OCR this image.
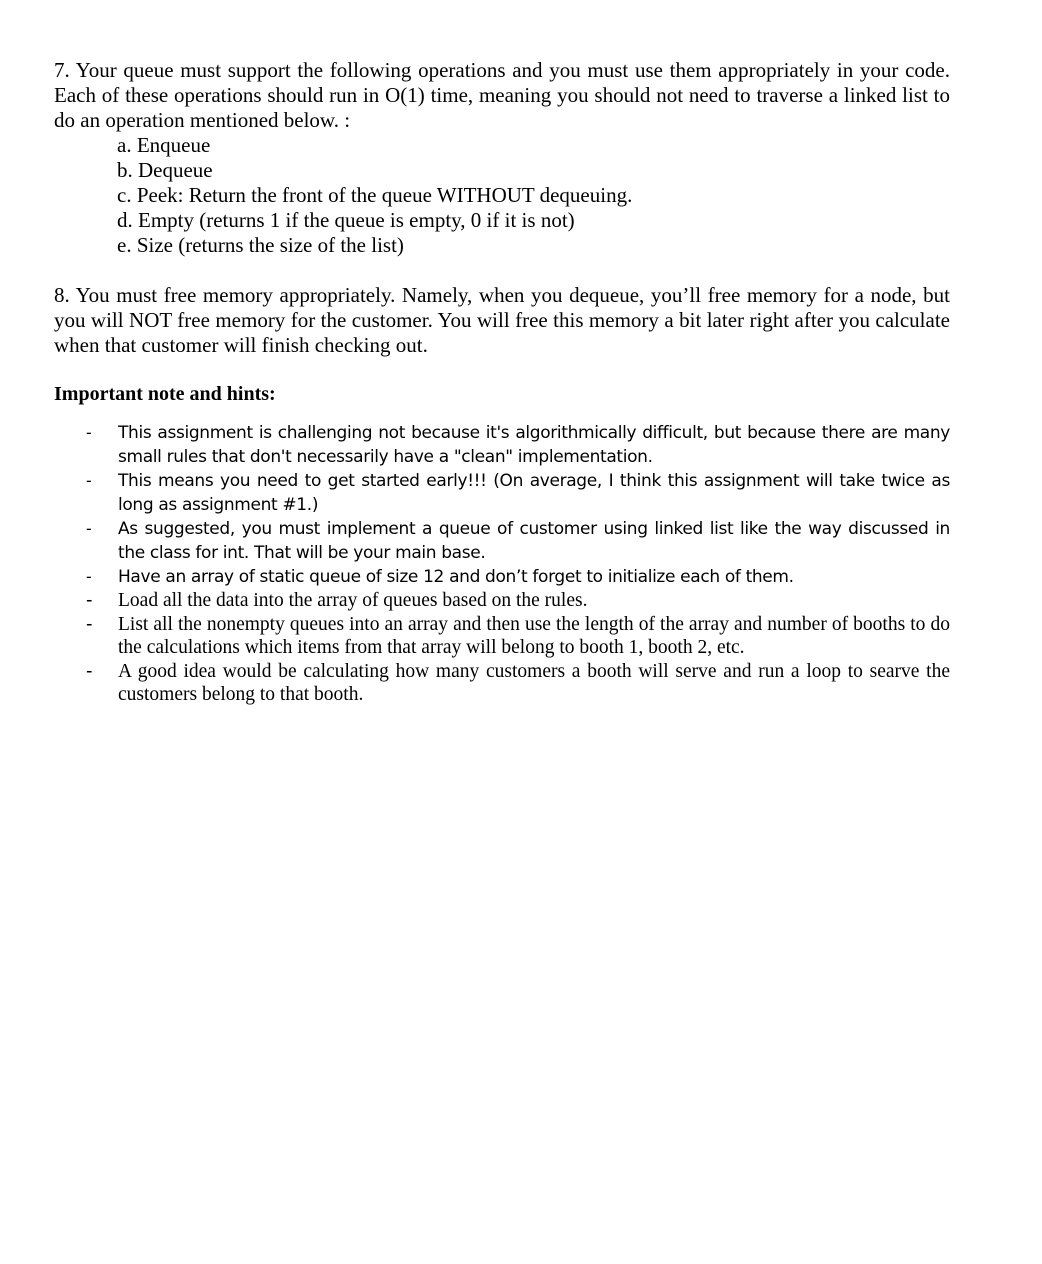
7. Your queue must support the following operations and you must use them appropriately in your code. Each of these operations should run in O(1) time, meaning you should not need to traverse a linked list to do an operation mentioned below. :

a. Enqueue
b. Dequeue
c. Peek: Return the front of the queue WITHOUT dequeuing.
d. Empty (returns 1 if the queue is empty, 0 if it is not)
e. Size (returns the size of the list)

8. You must free memory appropriately. Namely, when you dequeue, you’ll free memory for a node, but you will NOT free memory for the customer. You will free this memory a bit later right after you calculate when that customer will finish checking out.

Important note and hints:
- This assignment is challenging not because it's algorithmically difficult, but because there are many small rules that don't necessarily have a "clean" implementation.
- This means you need to get started early!!! (On average, I think this assignment will take twice as long as assignment #1.)
- As suggested, you must implement a queue of customer using linked list like the way discussed in the class for int. That will be your main base.
- Have an array of static queue of size 12 and don’t forget to initialize each of them.
- Load all the data into the array of queues based on the rules.
- List all the nonempty queues into an array and then use the length of the array and number of booths to do the calculations which items from that array will belong to booth 1, booth 2, etc.
- A good idea would be calculating how many customers a booth will serve and run a loop to searve the customers belong to that booth.
